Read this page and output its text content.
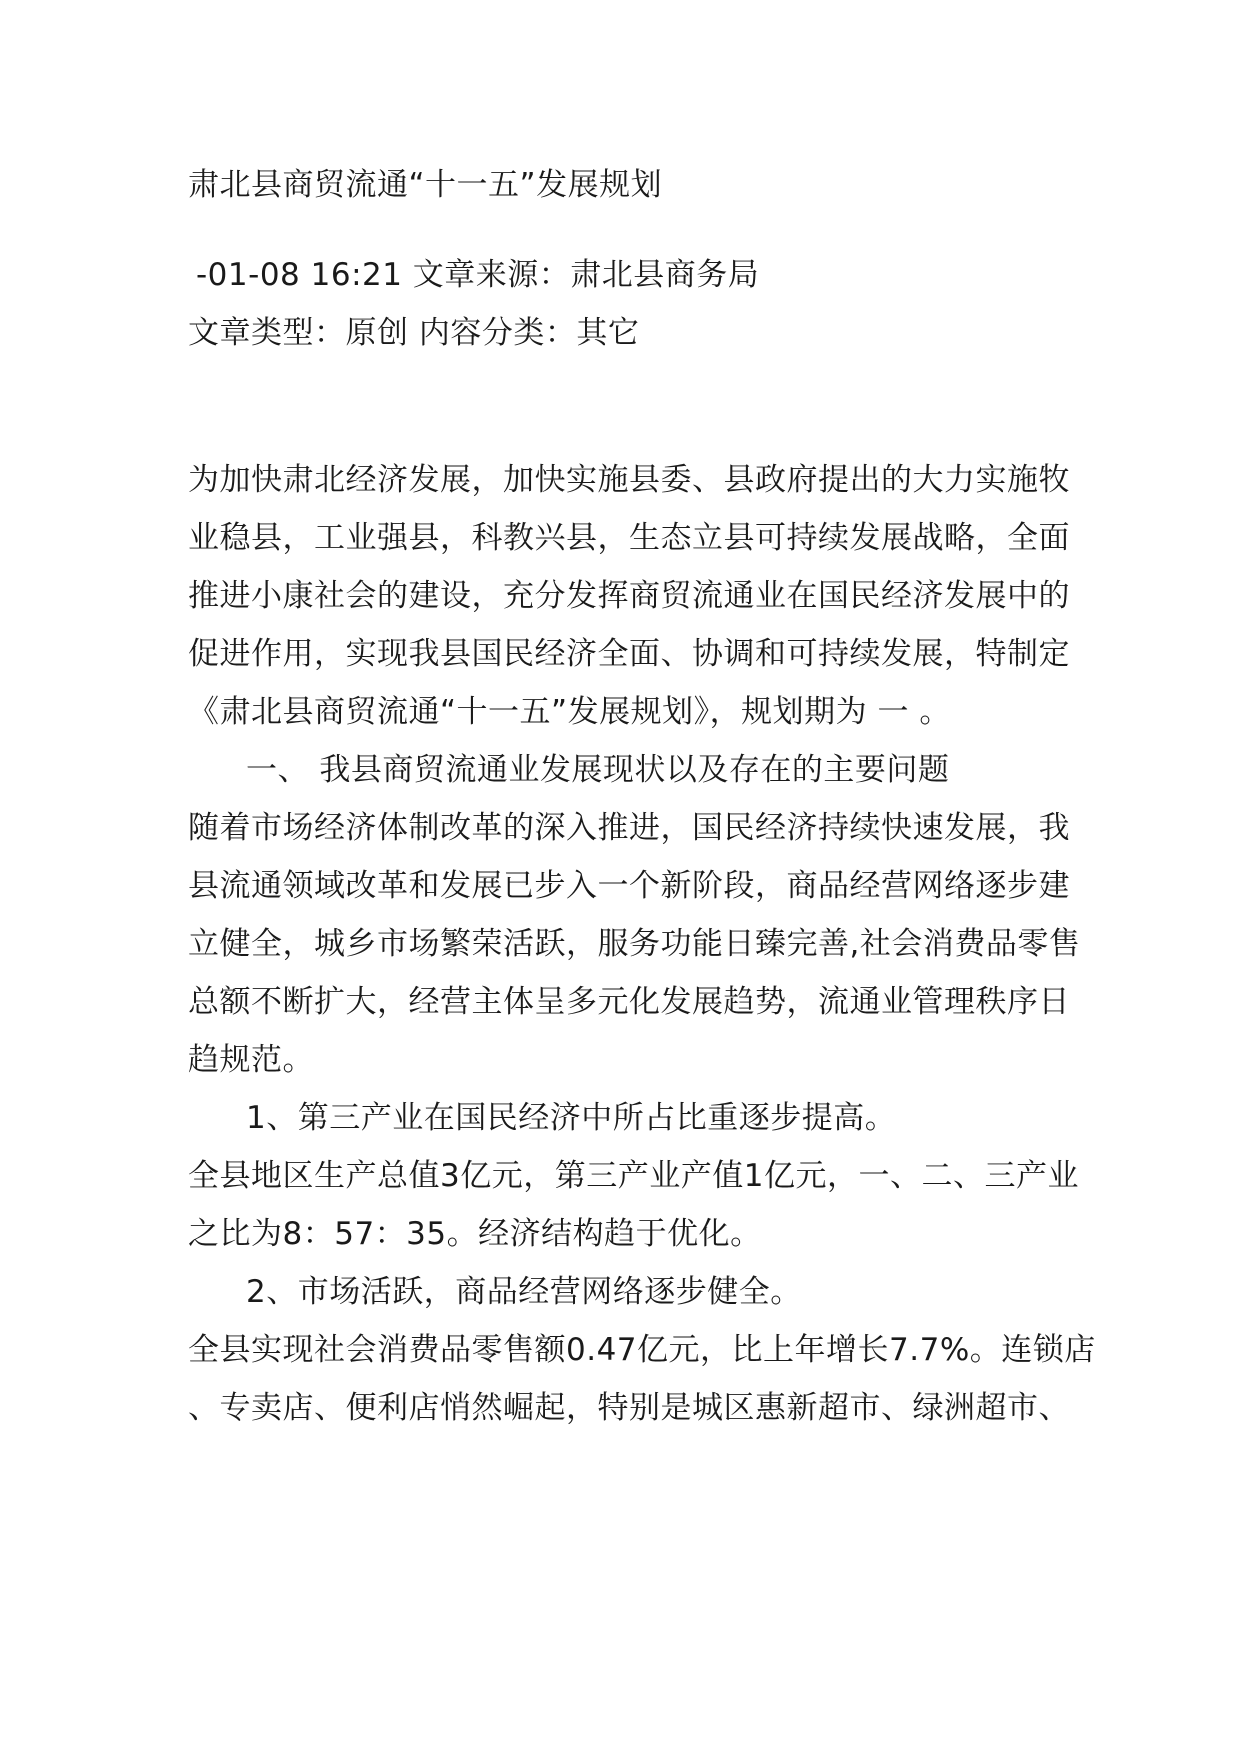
肃北县商贸流通“十一五”发展规划
-01-08 16:21 文章来源：肃北县商务局
文章类型：原创 内容分类：其它
为加快肃北经济发展，加快实施县委、县政府提出的大力实施牧
业稳县，工业强县，科教兴县，生态立县可持续发展战略，全面
推进小康社会的建设，充分发挥商贸流通业在国民经济发展中的
促进作用，实现我县国民经济全面、协调和可持续发展，特制定
《肃北县商贸流通“十一五”发展规划》，规划期为 一 。
一、 我县商贸流通业发展现状以及存在的主要问题
随着市场经济体制改革的深入推进，国民经济持续快速发展，我
县流通领域改革和发展已步入一个新阶段，商品经营网络逐步建
立健全，城乡市场繁荣活跃，服务功能日臻完善,社会消费品零售
总额不断扩大，经营主体呈多元化发展趋势，流通业管理秩序日
趋规范。
1、第三产业在国民经济中所占比重逐步提高。
全县地区生产总值3亿元，第三产业产值1亿元，一、二、三产业
之比为8：57：35。经济结构趋于优化。
2、市场活跃，商品经营网络逐步健全。
全县实现社会消费品零售额0.47亿元，比上年增长7.7%。连锁店
、专卖店、便利店悄然崛起，特别是城区惠新超市、绿洲超市、
